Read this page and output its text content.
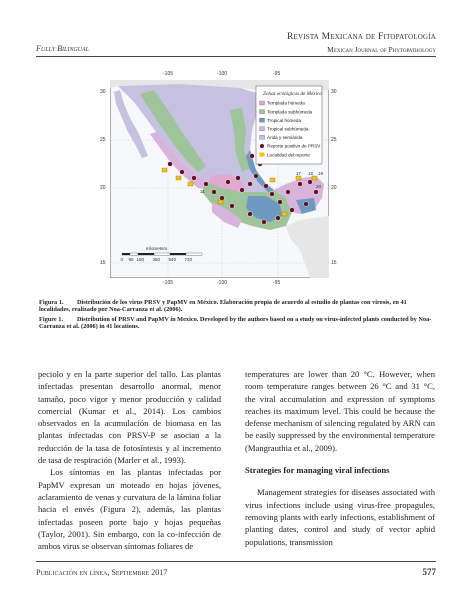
Fully Bilingual
Revista Mexicana de Fitopatología
Mexican Journal of Phytopathology
17 18 19
20
11
Zonas ecológicas de México
Templada húmeda
Templada subhúmeda
Tropical húmeda
Tropical subhúmeda
Árida y semiárida
Reporte positivo de PRSV
Localidad del reporte
Kilometers
0 90 180 360 540 720
-105	-100	-95
-105	-100	-95
30
25
20
15
30
25
20
15
Figura 1. Distribución de los virus PRSV y PapMV en México. Elaboración propia de acuerdo al estudio de plantas con virosis, en 41 localidades, realizado por Noa-Carranza et al. (2006).
Figure 1. Distribution of PRSV and PapMV in Mexico. Developed by the authors based on a study on virus-infected plants conducted by Noa-Carranza et al. (2006) in 41 locations.

peciolo y en la parte superior del tallo. Las plantas infectadas presentan desarrollo anormal, menor tamaño, poco vigor y menor producción y calidad comercial (Kumar et al., 2014). Los cambios observados en la acumulación de biomasa en las plantas infectadas con PRSV-P se asocian a la reducción de la tasa de fotosíntesis y al incremento de tasa de respiración (Marler et al., 1993).

Los síntomas en las plantas infectadas por PapMV expresan un moteado en hojas jóvenes, aclaramiento de venas y curvatura de la lámina foliar hacia el envés (Figura 2), además, las plantas infectadas poseen porte bajo y hojas pequeñas (Taylor, 2001). Sin embargo, con la co-infección de ambos virus se observan síntomas foliares de

temperatures are lower than 20 °C. However, when room temperature ranges between 26 °C and 31 °C, the viral accumulation and expression of symptoms reaches its maximum level. This could be because the defense mechanism of silencing regulated by ARN can be easily suppressed by the environmental temperature (Mangrauthia et al., 2009).

Strategies for managing viral infections

Management strategies for diseases associated with virus infections include using virus-free propagules, removing plants with early infections, establishment of planting dates, control and study of vector aphid populations, transmission

Publicación en línea, Septiembre 2017	577
